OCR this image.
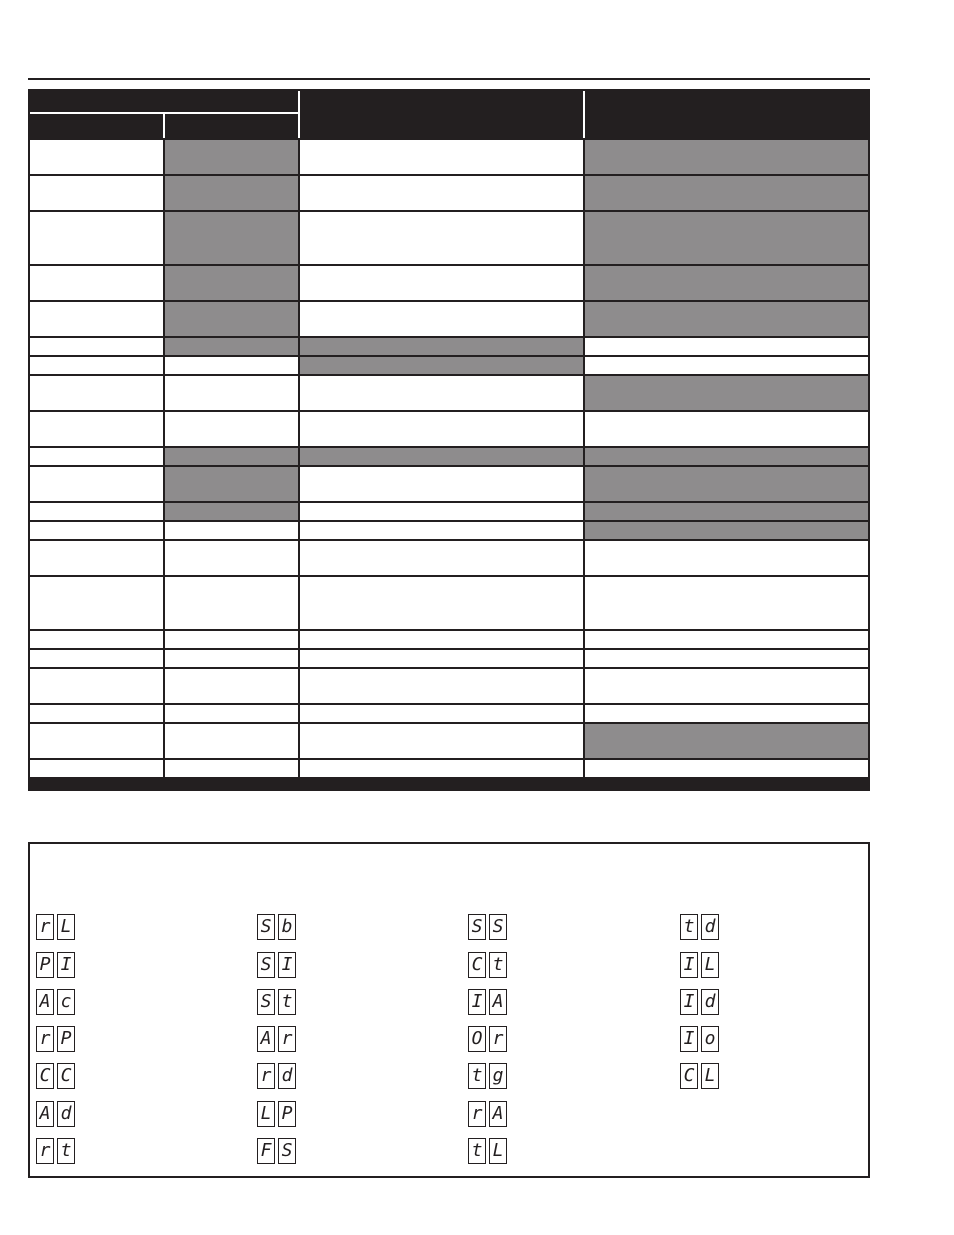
r L
P I
A c
r P
C C
A d
r t
S b
S I
S t
A r
r d
L P
F S
S S
C t
I A
O r
t g
r A
t L
t d
I L
I d
I o
C L
